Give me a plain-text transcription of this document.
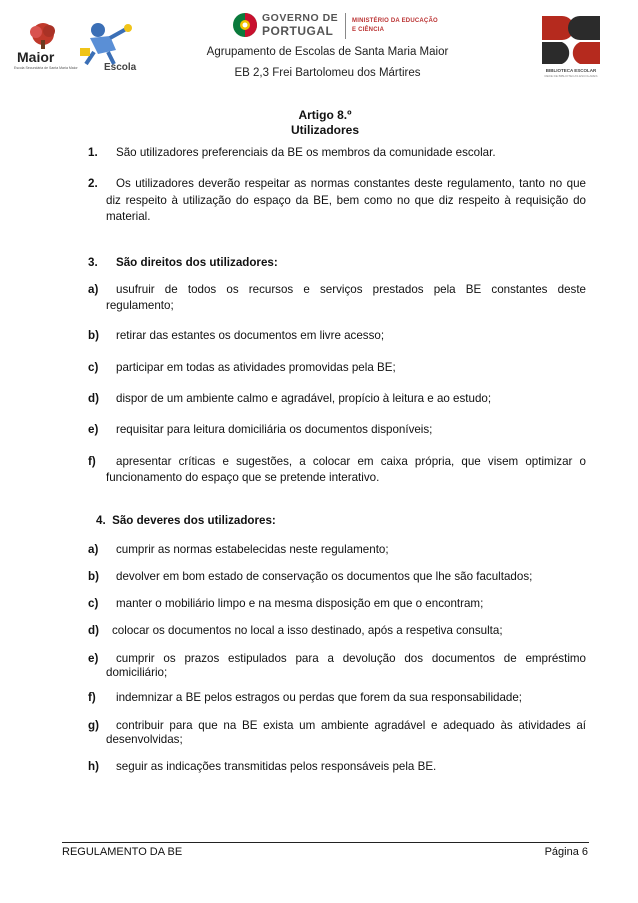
Maior
Escola Secundária de Santa Maria Maior	Escola
GOVERNO DE
PORTUGAL
MINISTÉRIO DA EDUCAÇÃO
E CIÊNCIA
BIBLIOTECA ESCOLAR
REDE DE BIBLIOTECAS ESCOLARES
Agrupamento de Escolas de Santa Maria Maior
EB 2,3 Frei Bartolomeu dos Mártires
Artigo 8.º
Utilizadores
1. São utilizadores preferenciais da BE os membros da comunidade escolar.
2. Os utilizadores deverão respeitar as normas constantes deste regulamento, tanto no que
diz respeito à utilização do espaço da BE, bem como no que diz respeito à requisição do
material.
3. São direitos dos utilizadores:
a) usufruir de todos os recursos e serviços prestados pela BE constantes deste
regulamento;
b) retirar das estantes os documentos em livre acesso;
c) participar em todas as atividades promovidas pela BE;
d) dispor de um ambiente calmo e agradável, propício à leitura e ao estudo;
e) requisitar para leitura domiciliária os documentos disponíveis;
f) apresentar críticas e sugestões, a colocar em caixa própria, que visem optimizar o
funcionamento do espaço que se pretende interativo.
4.  São deveres dos utilizadores:
a) cumprir as normas estabelecidas neste regulamento;
b) devolver em bom estado de conservação os documentos que lhe são facultados;
c) manter o mobiliário limpo e na mesma disposição em que o encontram;
d) colocar os documentos no local a isso destinado, após a respetiva consulta;
e) cumprir os prazos estipulados para a devolução dos documentos de empréstimo
domiciliário;
f) indemnizar a BE pelos estragos ou perdas que forem da sua responsabilidade;
g) contribuir para que na BE exista um ambiente agradável e adequado às atividades aí
desenvolvidas;
h) seguir as indicações transmitidas pelos responsáveis pela BE.
REGULAMENTO DA BE	Página 6
